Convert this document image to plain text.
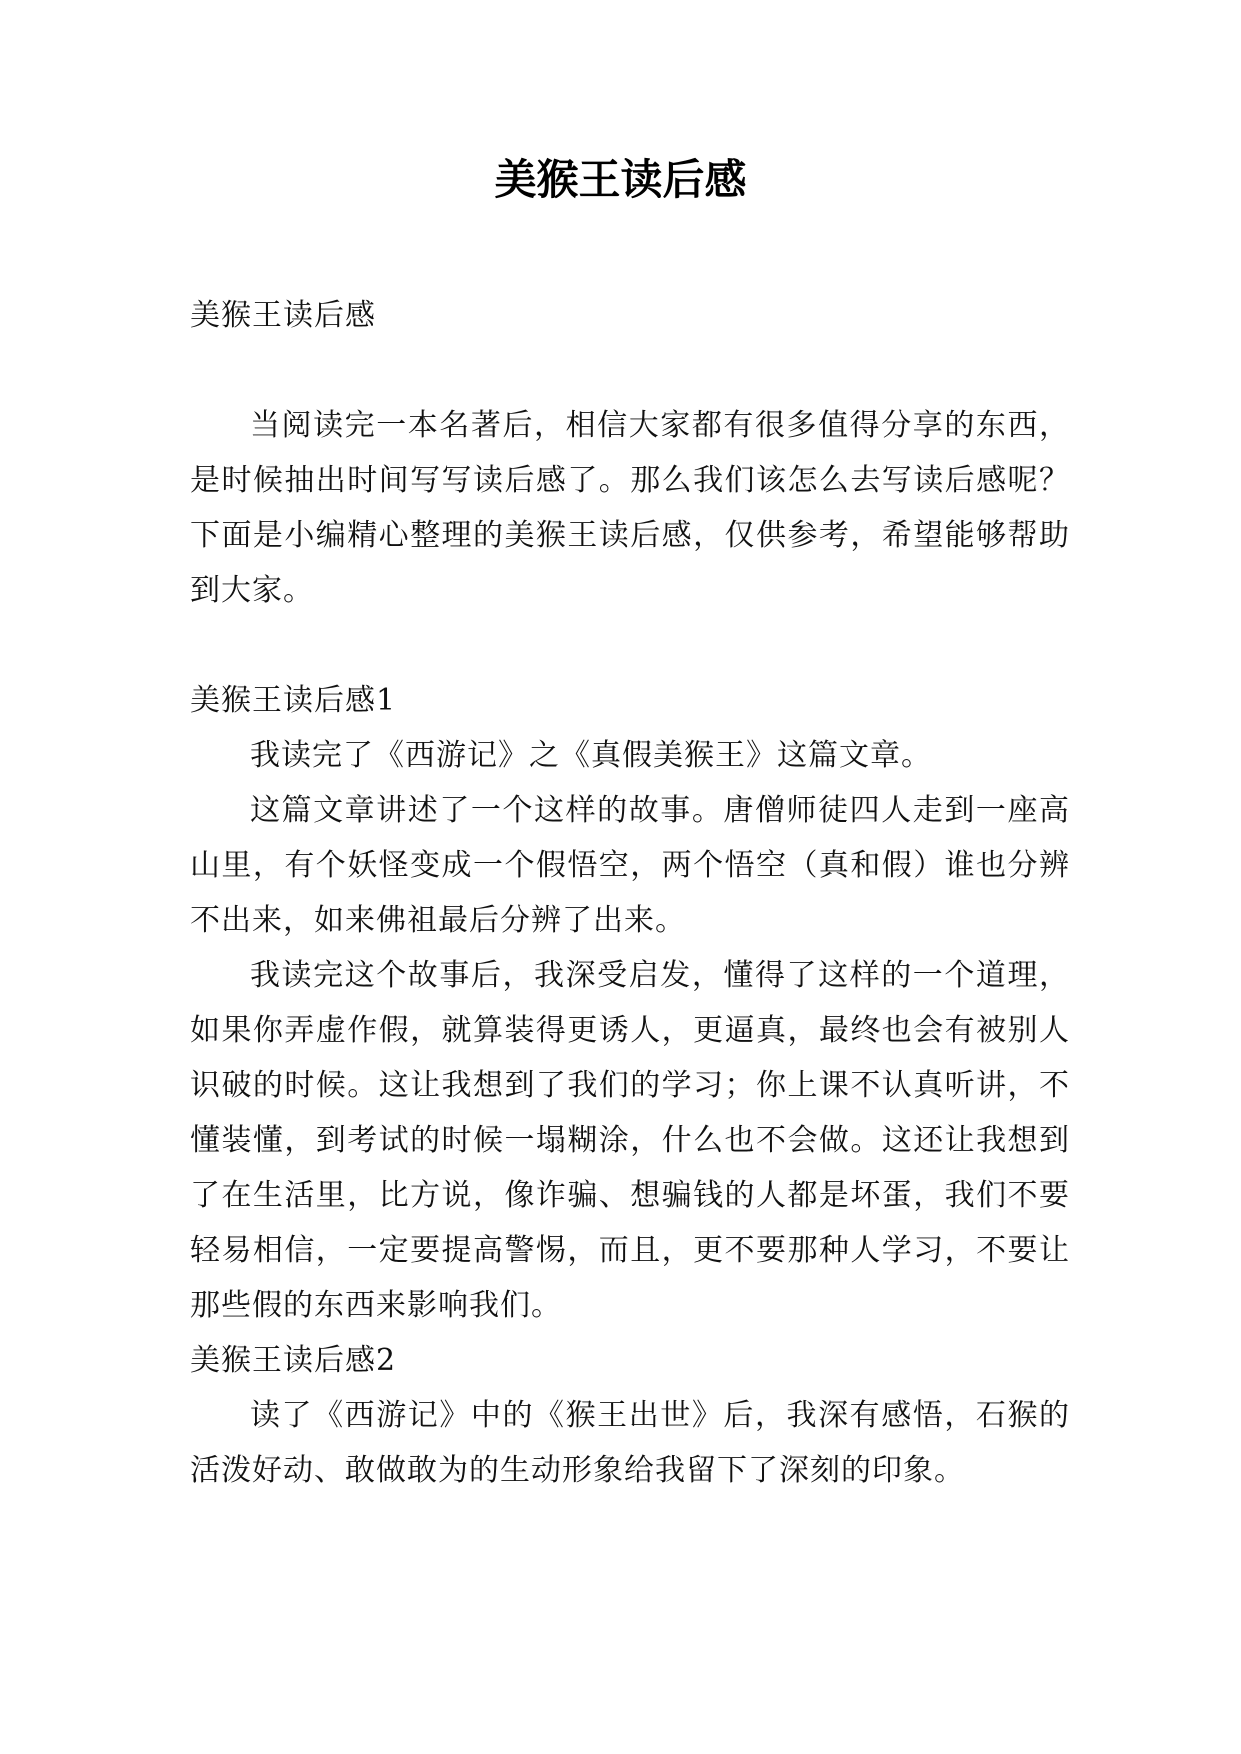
美猴王读后感

美猴王读后感

当阅读完一本名著后，相信大家都有很多值得分享的东西，是时候抽出时间写写读后感了。那么我们该怎么去写读后感呢？下面是小编精心整理的美猴王读后感，仅供参考，希望能够帮助到大家。

美猴王读后感1

我读完了《西游记》之《真假美猴王》这篇文章。

这篇文章讲述了一个这样的故事。唐僧师徒四人走到一座高山里，有个妖怪变成一个假悟空，两个悟空（真和假）谁也分辨不出来，如来佛祖最后分辨了出来。

我读完这个故事后，我深受启发，懂得了这样的一个道理，如果你弄虚作假，就算装得更诱人，更逼真，最终也会有被别人识破的时候。这让我想到了我们的学习；你上课不认真听讲，不懂装懂，到考试的时候一塌糊涂，什么也不会做。这还让我想到了在生活里，比方说，像诈骗、想骗钱的人都是坏蛋，我们不要轻易相信，一定要提高警惕，而且，更不要那种人学习，不要让那些假的东西来影响我们。

美猴王读后感2

读了《西游记》中的《猴王出世》后，我深有感悟，石猴的活泼好动、敢做敢为的生动形象给我留下了深刻的印象。
